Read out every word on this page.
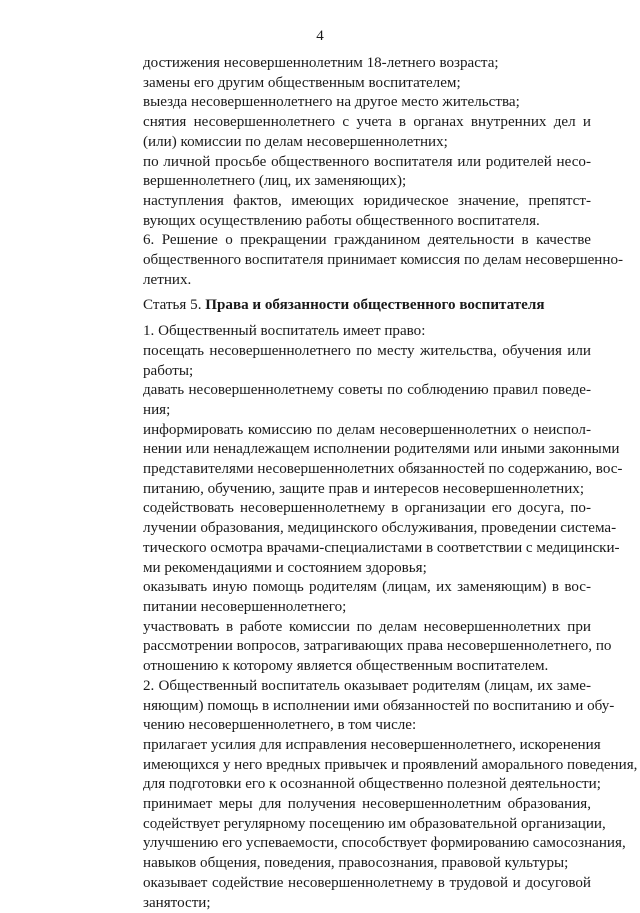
4

достижения несовершеннолетним 18-летнего возраста;

замены его другим общественным воспитателем;

выезда несовершеннолетнего на другое место жительства;

снятия несовершеннолетнего с учета в органах внутренних дел и
(или) комиссии по делам несовершеннолетних;

по личной просьбе общественного воспитателя или родителей несо-
вершеннолетнего (лиц, их заменяющих);

наступления фактов, имеющих юридическое значение, препятст-
вующих осуществлению работы общественного воспитателя.

6. Решение о прекращении гражданином деятельности в качестве
общественного воспитателя принимает комиссия по делам несовершенно-
летних.

Статья 5. Права и обязанности общественного воспитателя

1. Общественный воспитатель имеет право:

посещать несовершеннолетнего по месту жительства, обучения или
работы;

давать несовершеннолетнему советы по соблюдению правил поведе-
ния;

информировать комиссию по делам несовершеннолетних о неиспол-
нении или ненадлежащем исполнении родителями или иными законными
представителями несовершеннолетних обязанностей по содержанию, вос-
питанию, обучению, защите прав и интересов несовершеннолетних;

содействовать несовершеннолетнему в организации его досуга, по-
лучении образования, медицинского обслуживания, проведении система-
тического осмотра врачами-специалистами в соответствии с медицински-
ми рекомендациями и состоянием здоровья;

оказывать иную помощь родителям (лицам, их заменяющим) в вос-
питании несовершеннолетнего;

участвовать в работе комиссии по делам несовершеннолетних при
рассмотрении вопросов, затрагивающих права несовершеннолетнего, по
отношению к которому является общественным воспитателем.

2. Общественный воспитатель оказывает родителям (лицам, их заме-
няющим) помощь в исполнении ими обязанностей по воспитанию и обу-
чению несовершеннолетнего, в том числе:

прилагает усилия для исправления несовершеннолетнего, искоренения
имеющихся у него вредных привычек и проявлений аморального поведения,
для подготовки его к осознанной общественно полезной деятельности;

принимает меры для получения несовершеннолетним образования,
содействует регулярному посещению им образовательной организации,
улучшению его успеваемости, способствует формированию самосознания,
навыков общения, поведения, правосознания, правовой культуры;

оказывает содействие несовершеннолетнему в трудовой и досуговой
занятости;
